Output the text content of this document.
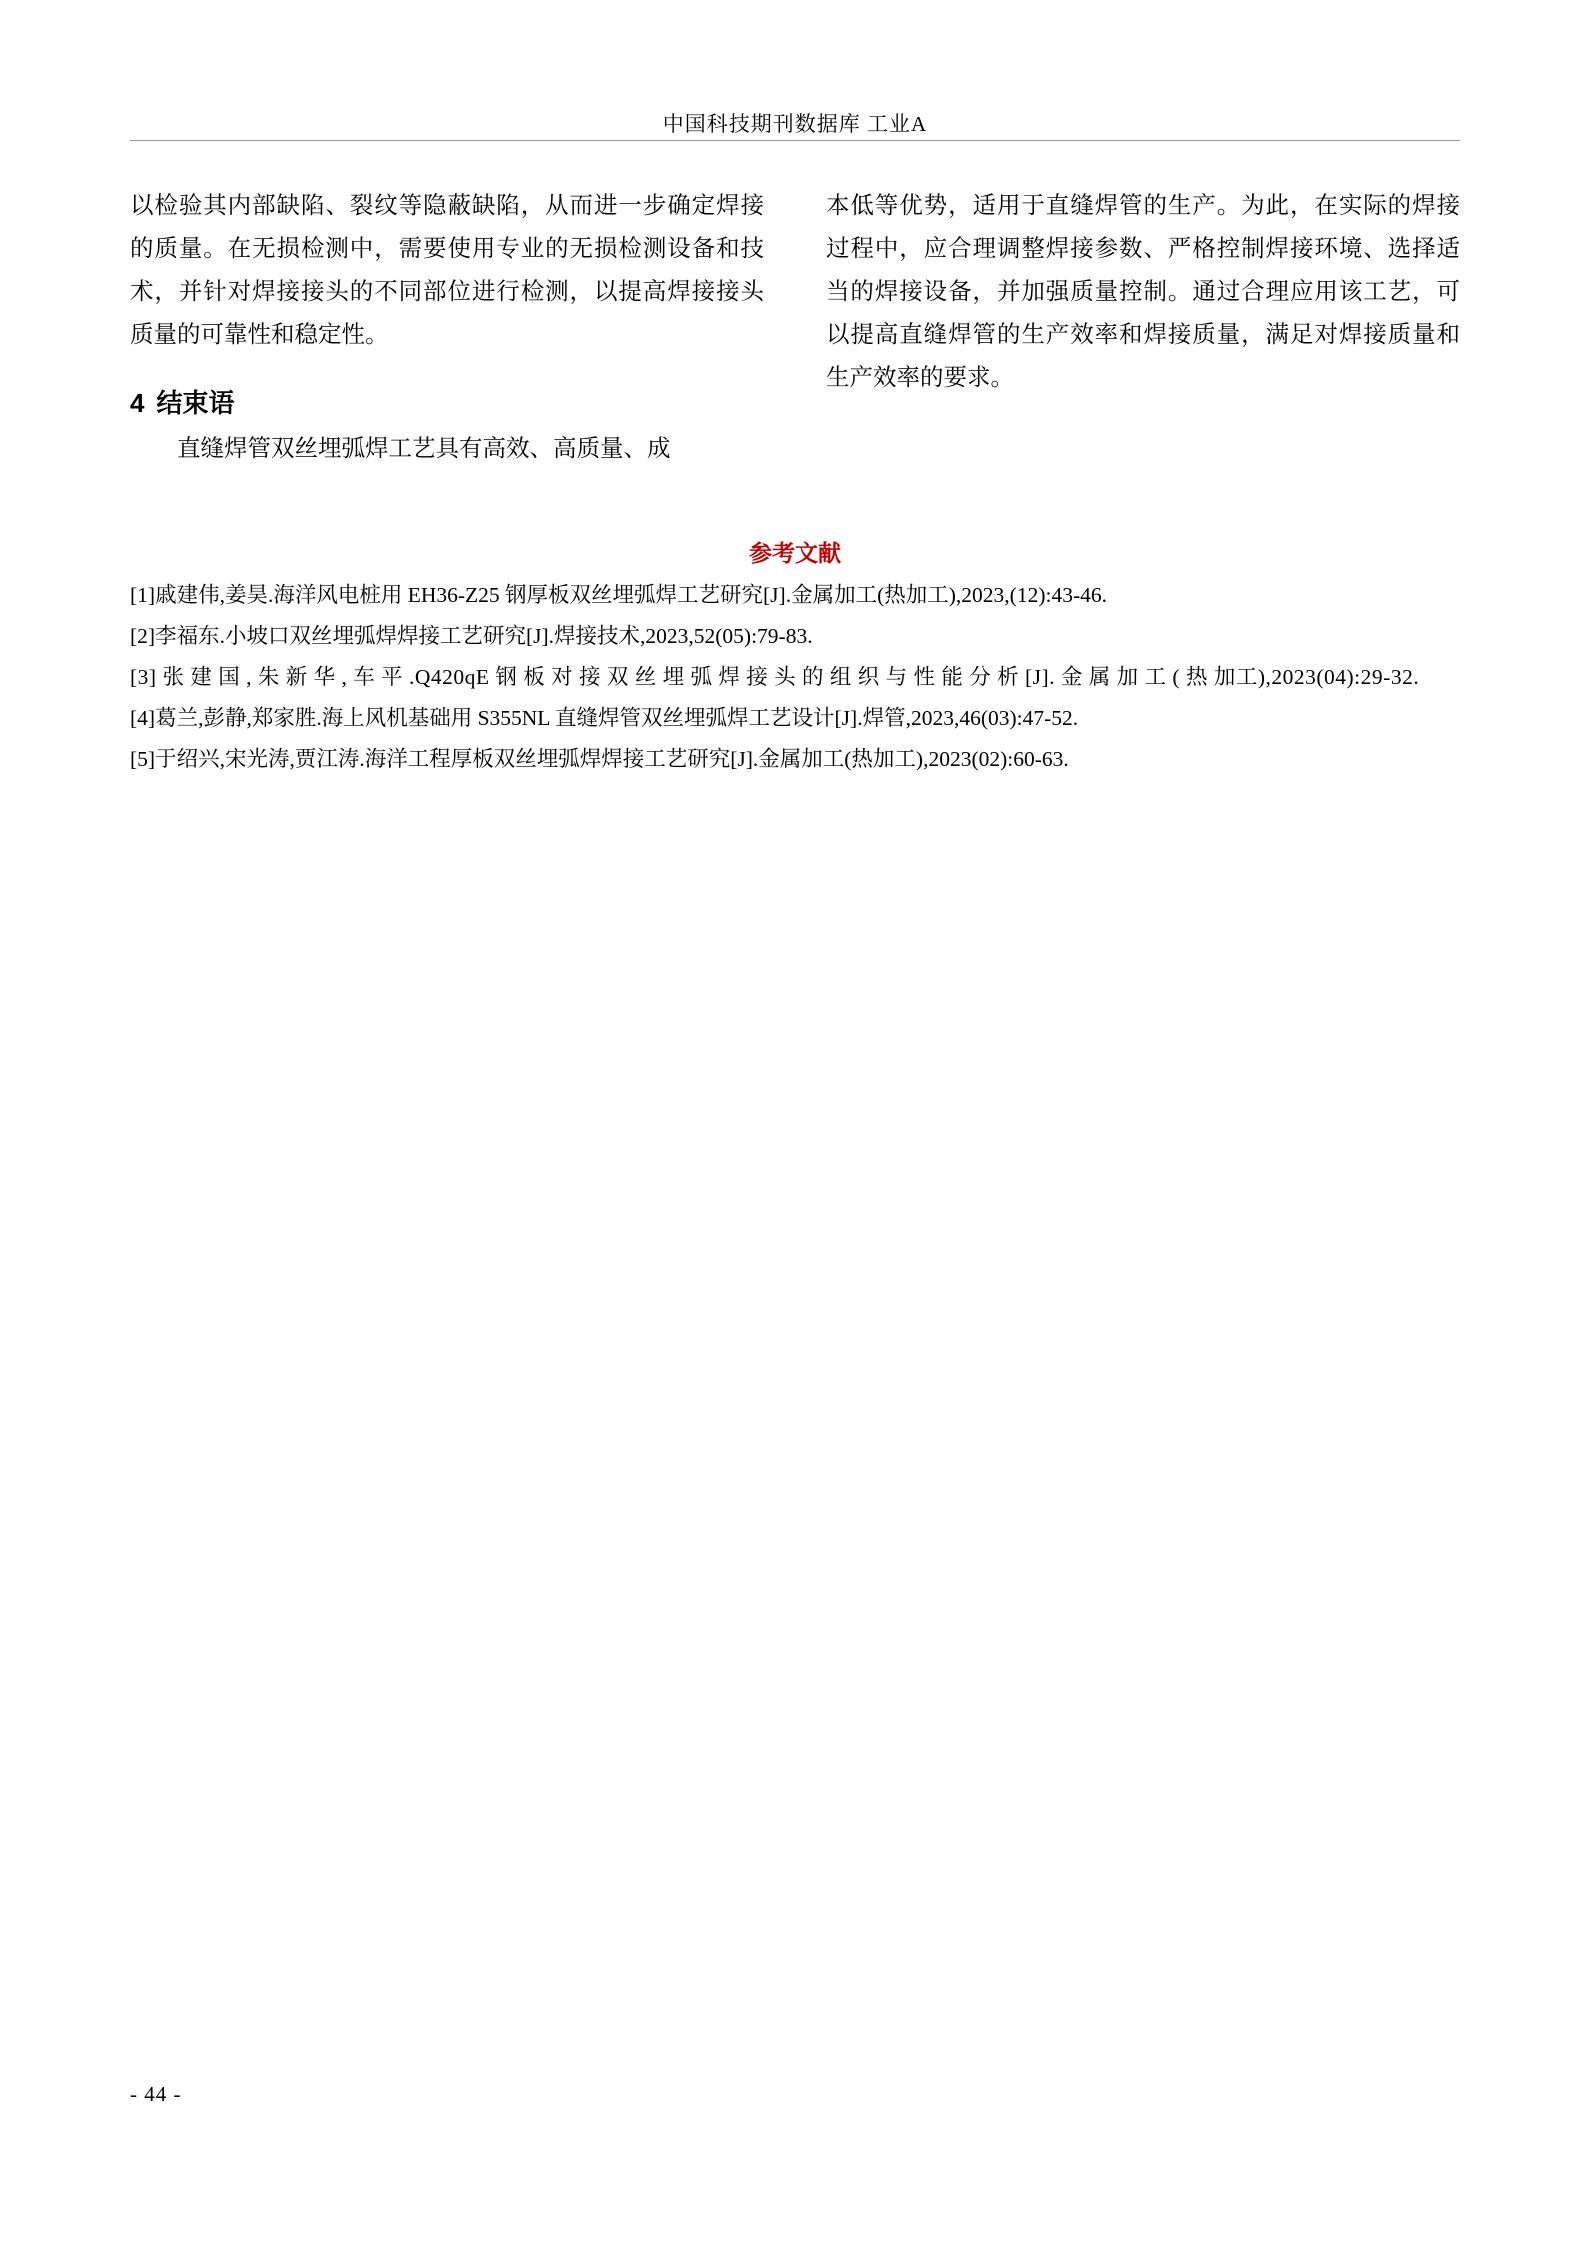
中国科技期刊数据库 工业A
以检验其内部缺陷、裂纹等隐蔽缺陷，从而进一步确定焊接的质量。在无损检测中，需要使用专业的无损检测设备和技术，并针对焊接接头的不同部位进行检测，以提高焊接接头质量的可靠性和稳定性。
4 结束语
直缝焊管双丝埋弧焊工艺具有高效、高质量、成
本低等优势，适用于直缝焊管的生产。为此，在实际的焊接过程中，应合理调整焊接参数、严格控制焊接环境、选择适当的焊接设备，并加强质量控制。通过合理应用该工艺，可以提高直缝焊管的生产效率和焊接质量，满足对焊接质量和生产效率的要求。
参考文献
[1]戚建伟,姜昊.海洋风电桩用 EH36-Z25 钢厚板双丝埋弧焊工艺研究[J].金属加工(热加工),2023,(12):43-46.
[2]李福东.小坡口双丝埋弧焊焊接工艺研究[J].焊接技术,2023,52(05):79-83.
[3] 张 建 国 , 朱 新 华 , 车 平 .Q420qE 钢 板 对 接 双 丝 埋 弧 焊 接 头 的 组 织 与 性 能 分 析 [J]. 金 属 加 工 ( 热 加工),2023(04):29-32.
[4]葛兰,彭静,郑家胜.海上风机基础用 S355NL 直缝焊管双丝埋弧焊工艺设计[J].焊管,2023,46(03):47-52.
[5]于绍兴,宋光涛,贾江涛.海洋工程厚板双丝埋弧焊焊接工艺研究[J].金属加工(热加工),2023(02):60-63.
- 44 -
